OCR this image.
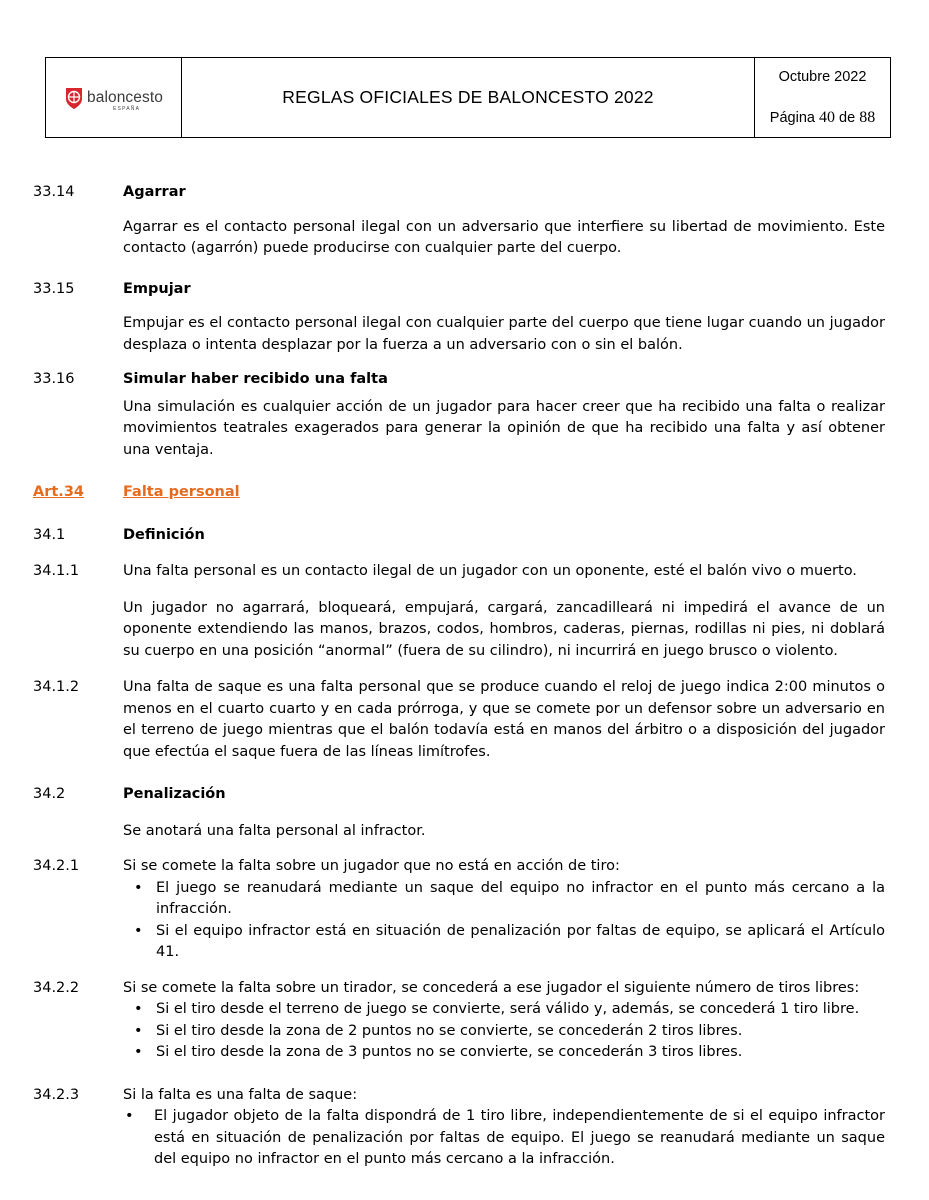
baloncesto
ESPAÑA
REGLAS OFICIALES DE BALONCESTO 2022
Octubre 2022
Página 40 de 88
33.14	Agarrar
Agarrar es el contacto personal ilegal con un adversario que interfiere su libertad de movimiento. Este contacto (agarrón) puede producirse con cualquier parte del cuerpo.
33.15	Empujar
Empujar es el contacto personal ilegal con cualquier parte del cuerpo que tiene lugar cuando un jugador desplaza o intenta desplazar por la fuerza a un adversario con o sin el balón.
33.16	Simular haber recibido una falta
Una simulación es cualquier acción de un jugador para hacer creer que ha recibido una falta o realizar movimientos teatrales exagerados para generar la opinión de que ha recibido una falta y así obtener una ventaja.
Art.34	Falta personal
34.1	Definición
34.1.1	Una falta personal es un contacto ilegal de un jugador con un oponente, esté el balón vivo o muerto.
Un jugador no agarrará, bloqueará, empujará, cargará, zancadilleará ni impedirá el avance de un oponente extendiendo las manos, brazos, codos, hombros, caderas, piernas, rodillas ni pies, ni doblará su cuerpo en una posición “anormal” (fuera de su cilindro), ni incurrirá en juego brusco o violento.
34.1.2	Una falta de saque es una falta personal que se produce cuando el reloj de juego indica 2:00 minutos o menos en el cuarto cuarto y en cada prórroga, y que se comete por un defensor sobre un adversario en el terreno de juego mientras que el balón todavía está en manos del árbitro o a disposición del jugador que efectúa el saque fuera de las líneas limítrofes.
34.2	Penalización
Se anotará una falta personal al infractor.
34.2.1	Si se comete la falta sobre un jugador que no está en acción de tiro:
• El juego se reanudará mediante un saque del equipo no infractor en el punto más cercano a la infracción.
• Si el equipo infractor está en situación de penalización por faltas de equipo, se aplicará el Artículo 41.
34.2.2	Si se comete la falta sobre un tirador, se concederá a ese jugador el siguiente número de tiros libres:
• Si el tiro desde el terreno de juego se convierte, será válido y, además, se concederá 1 tiro libre.
• Si el tiro desde la zona de 2 puntos no se convierte, se concederán 2 tiros libres.
• Si el tiro desde la zona de 3 puntos no se convierte, se concederán 3 tiros libres.
34.2.3	Si la falta es una falta de saque:
•	El jugador objeto de la falta dispondrá de 1 tiro libre, independientemente de si el equipo infractor está en situación de penalización por faltas de equipo. El juego se reanudará mediante un saque del equipo no infractor en el punto más cercano a la infracción.
